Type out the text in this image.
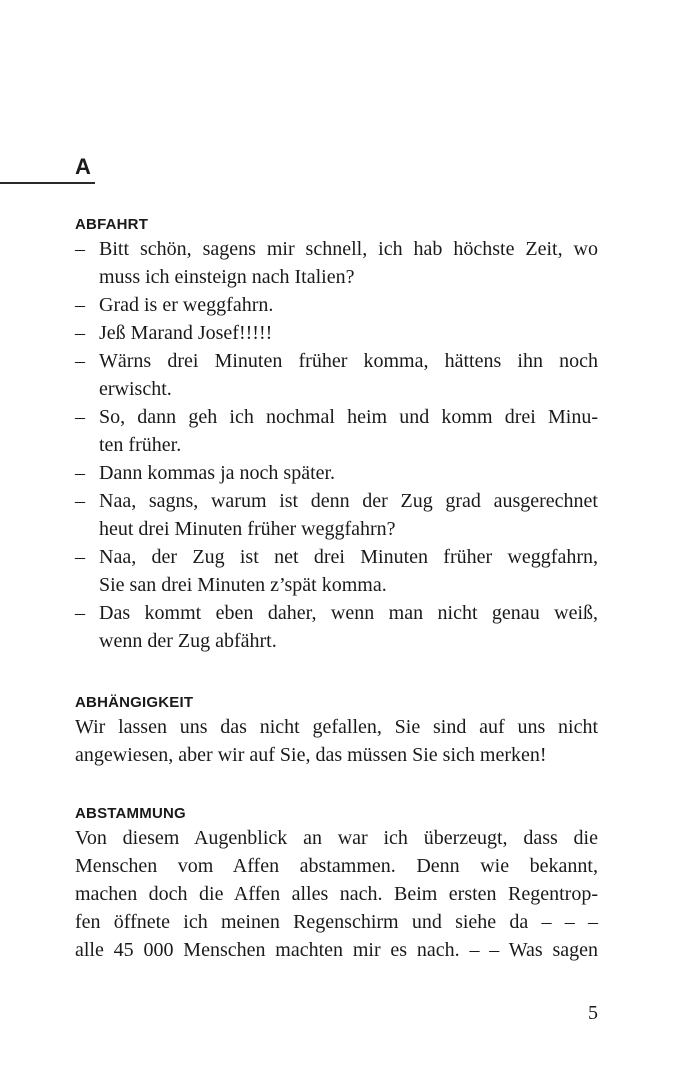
A
ABFAHRT
– Bitt schön, sagens mir schnell, ich hab höchste Zeit, wo
muss ich einsteign nach Italien?
– Grad is er weggfahrn.
– Jeß Marand Josef!!!!!
– Wärns drei Minuten früher komma, hättens ihn noch
erwischt.
– So, dann geh ich nochmal heim und komm drei Minu-
ten früher.
– Dann kommas ja noch später.
– Naa, sagns, warum ist denn der Zug grad ausgerechnet
heut drei Minuten früher weggfahrn?
– Naa, der Zug ist net drei Minuten früher weggfahrn,
Sie san drei Minuten z’spät komma.
– Das kommt eben daher, wenn man nicht genau weiß,
wenn der Zug abfährt.
ABHÄNGIGKEIT
Wir lassen uns das nicht gefallen, Sie sind auf uns nicht
angewiesen, aber wir auf Sie, das müssen Sie sich merken!
ABSTAMMUNG
Von diesem Augenblick an war ich überzeugt, dass die
Menschen vom Affen abstammen. Denn wie bekannt,
machen doch die Affen alles nach. Beim ersten Regentrop-
fen öffnete ich meinen Regenschirm und siehe da – – –
alle 45 000 Menschen machten mir es nach. – – Was sagen
5
